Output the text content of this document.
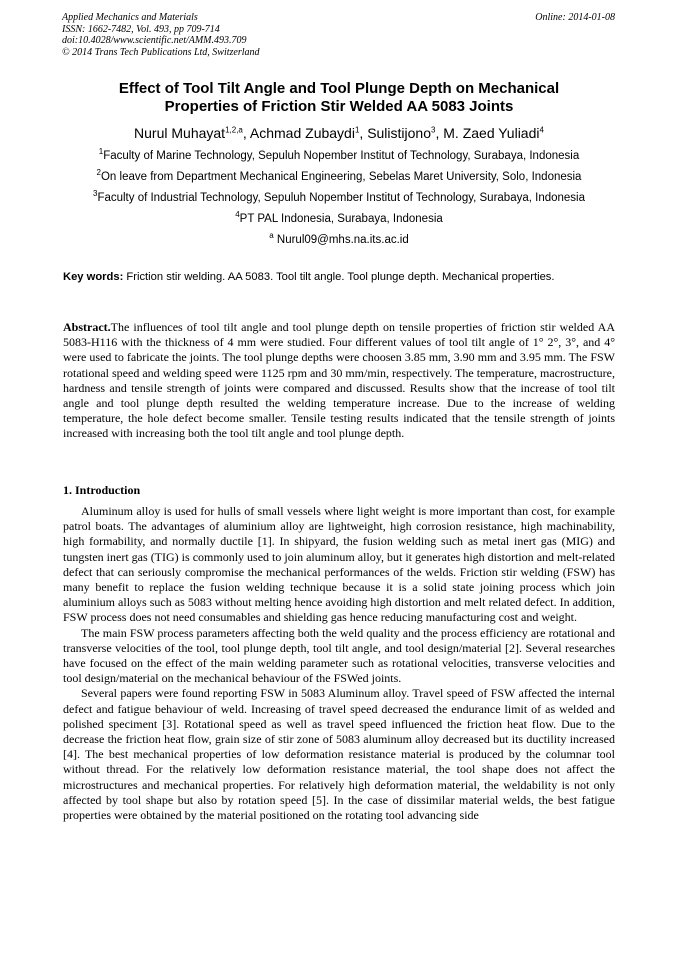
Applied Mechanics and Materials
ISSN: 1662-7482, Vol. 493, pp 709-714
doi:10.4028/www.scientific.net/AMM.493.709
© 2014 Trans Tech Publications Ltd, Switzerland
Online: 2014-01-08
Effect of Tool Tilt Angle and Tool Plunge Depth on Mechanical
Properties of Friction Stir Welded AA 5083 Joints
Nurul Muhayat$^{1,2,a}$, Achmad Zubaydi$^1$, Sulistijono$^3$, M. Zaed Yuliadi$^4$
$^1$Faculty of Marine Technology, Sepuluh Nopember Institut of Technology, Surabaya, Indonesia
$^2$On leave from Department Mechanical Engineering, Sebelas Maret University, Solo, Indonesia
$^3$Faculty of Industrial Technology, Sepuluh Nopember Institut of Technology, Surabaya, Indonesia
$^4$PT PAL Indonesia, Surabaya, Indonesia
$^a$ Nurul09@mhs.na.its.ac.id
Key words: Friction stir welding. AA 5083. Tool tilt angle. Tool plunge depth. Mechanical properties.
Abstract.The influences of tool tilt angle and tool plunge depth on tensile properties of friction stir welded AA 5083-H116 with the thickness of 4 mm were studied. Four different values of tool tilt angle of 1° 2°, 3°, and 4° were used to fabricate the joints. The tool plunge depths were choosen 3.85 mm, 3.90 mm and 3.95 mm. The FSW rotational speed and welding speed were 1125 rpm and 30 mm/min, respectively. The temperature, macrostructure, hardness and tensile strength of joints were compared and discussed. Results show that the increase of tool tilt angle and tool plunge depth resulted the welding temperature increase. Due to the increase of welding temperature, the hole defect become smaller. Tensile testing results indicated that the tensile strength of joints increased with increasing both the tool tilt angle and tool plunge depth.
1. Introduction

Aluminum alloy is used for hulls of small vessels where light weight is more important than cost, for example patrol boats. The advantages of aluminium alloy are lightweight, high corrosion resistance, high machinability, high formability, and normally ductile [1]. In shipyard, the fusion welding such as metal inert gas (MIG) and tungsten inert gas (TIG) is commonly used to join aluminum alloy, but it generates high distortion and melt-related defect that can seriously compromise the mechanical performances of the welds. Friction stir welding (FSW) has many benefit to replace the fusion welding technique because it is a solid state joining process which join aluminium alloys such as 5083 without melting hence avoiding high distortion and melt related defect. In addition, FSW process does not need consumables and shielding gas hence reducing manufacturing cost and weight.

The main FSW process parameters affecting both the weld quality and the process efficiency are rotational and transverse velocities of the tool, tool plunge depth, tool tilt angle, and tool design/material [2]. Several researches have focused on the effect of the main welding parameter such as rotational velocities, transverse velocities and tool design/material on the mechanical behaviour of the FSWed joints.

Several papers were found reporting FSW in 5083 Aluminum alloy. Travel speed of FSW affected the internal defect and fatigue behaviour of weld. Increasing of travel speed decreased the endurance limit of as welded and polished speciment [3]. Rotational speed as well as travel speed influenced the friction heat flow. Due to the decrease the friction heat flow, grain size of stir zone of 5083 aluminum alloy decreased but its ductility increased [4]. The best mechanical properties of low deformation resistance material is produced by the columnar tool without thread. For the relatively low deformation resistance material, the tool shape does not affect the microstructures and mechanical properties. For relatively high deformation material, the weldability is not only affected by tool shape but also by rotation speed [5]. In the case of dissimilar material welds, the best fatigue properties were obtained by the material positioned on the rotating tool advancing side
